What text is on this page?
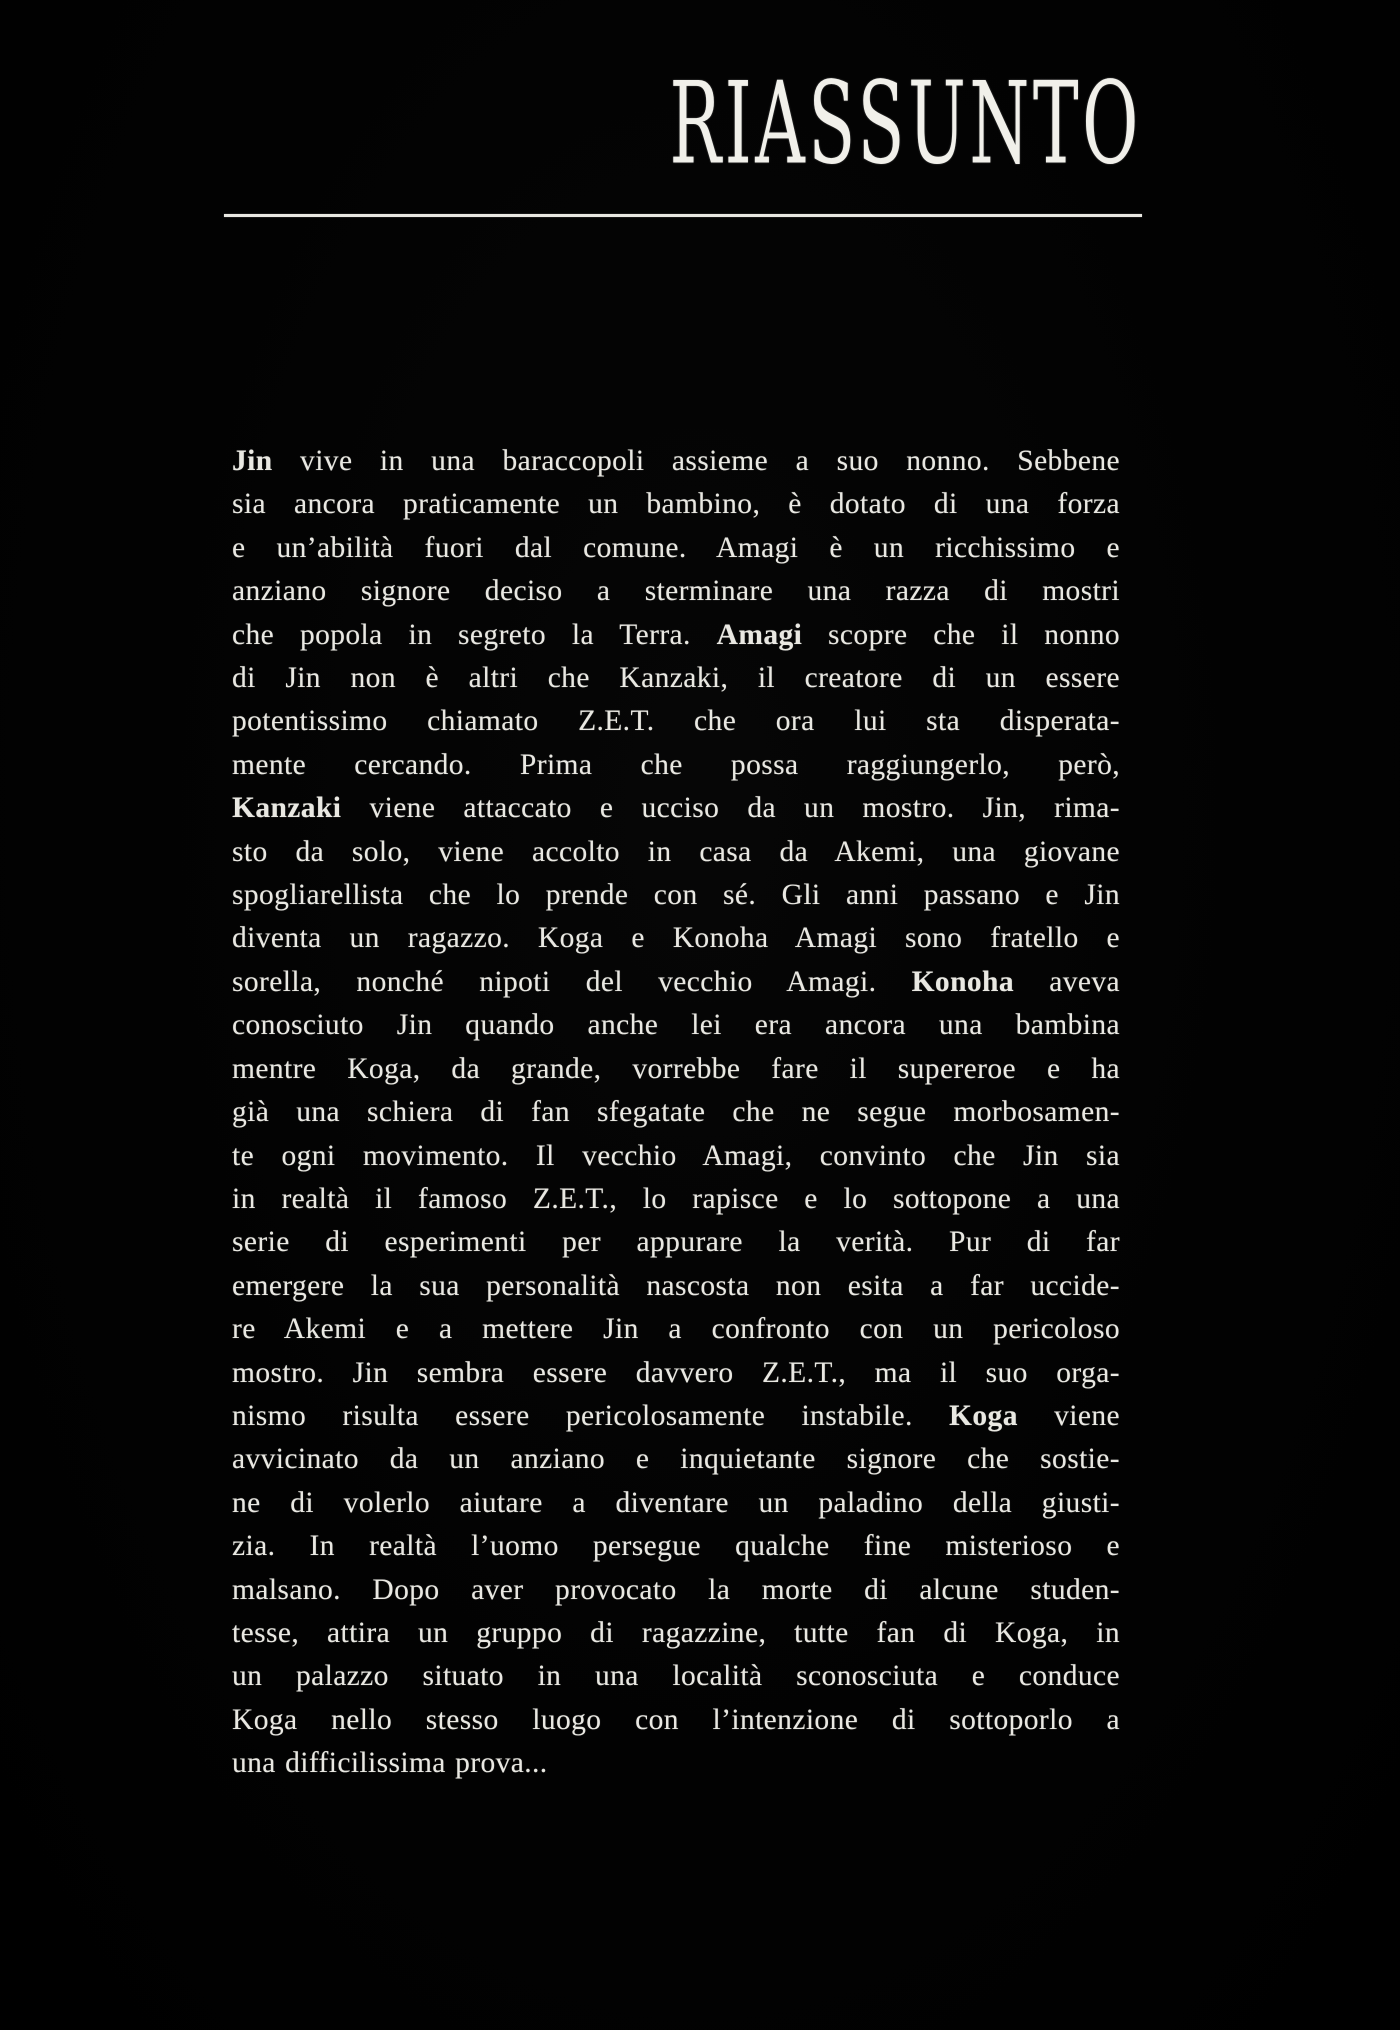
RIASSUNTO
Jin vive in una baraccopoli assieme a suo nonno. Sebbene
sia ancora praticamente un bambino, è dotato di una forza
e un’abilità fuori dal comune. Amagi è un ricchissimo e
anziano signore deciso a sterminare una razza di mostri
che popola in segreto la Terra. Amagi scopre che il nonno
di Jin non è altri che Kanzaki, il creatore di un essere
potentissimo chiamato Z.E.T. che ora lui sta disperata-
mente cercando. Prima che possa raggiungerlo, però,
Kanzaki viene attaccato e ucciso da un mostro. Jin, rima-
sto da solo, viene accolto in casa da Akemi, una giovane
spogliarellista che lo prende con sé. Gli anni passano e Jin
diventa un ragazzo. Koga e Konoha Amagi sono fratello e
sorella, nonché nipoti del vecchio Amagi. Konoha aveva
conosciuto Jin quando anche lei era ancora una bambina
mentre Koga, da grande, vorrebbe fare il supereroe e ha
già una schiera di fan sfegatate che ne segue morbosamen-
te ogni movimento. Il vecchio Amagi, convinto che Jin sia
in realtà il famoso Z.E.T., lo rapisce e lo sottopone a una
serie di esperimenti per appurare la verità. Pur di far
emergere la sua personalità nascosta non esita a far uccide-
re Akemi e a mettere Jin a confronto con un pericoloso
mostro. Jin sembra essere davvero Z.E.T., ma il suo orga-
nismo risulta essere pericolosamente instabile. Koga viene
avvicinato da un anziano e inquietante signore che sostie-
ne di volerlo aiutare a diventare un paladino della giusti-
zia. In realtà l’uomo persegue qualche fine misterioso e
malsano. Dopo aver provocato la morte di alcune studen-
tesse, attira un gruppo di ragazzine, tutte fan di Koga, in
un palazzo situato in una località sconosciuta e conduce
Koga nello stesso luogo con l’intenzione di sottoporlo a
una difficilissima prova...
